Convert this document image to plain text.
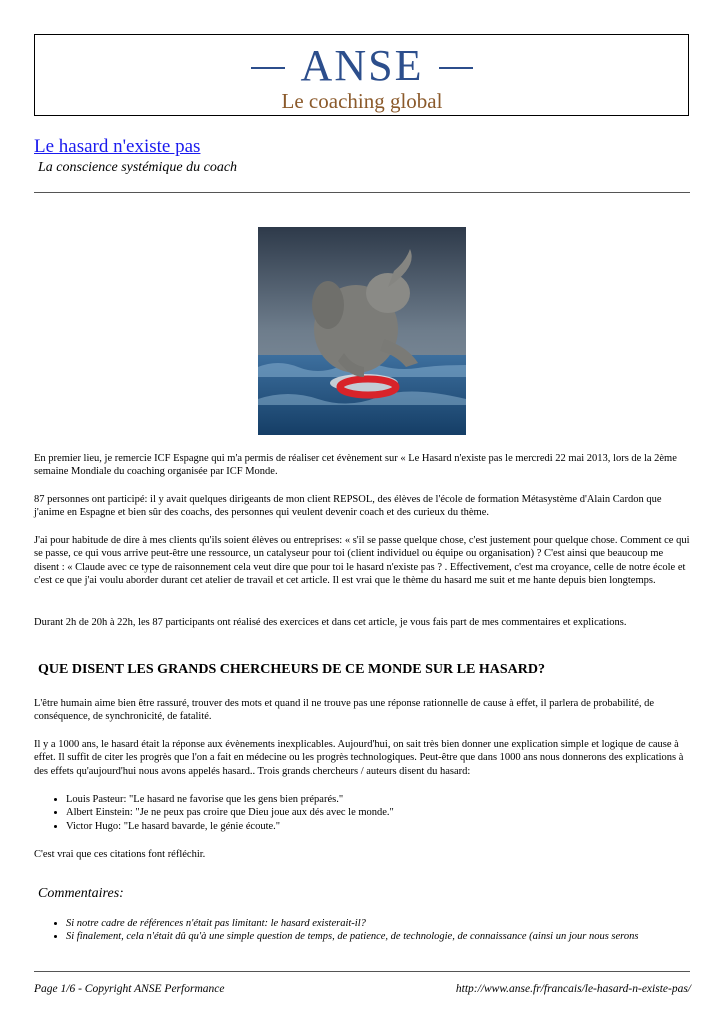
ANSE
Le coaching global
Le hasard n'existe pas
La conscience systémique du coach
En premier lieu, je remercie ICF Espagne qui m'a permis de réaliser cet évènement sur « Le Hasard n'existe pas le mercredi 22 mai 2013, lors de la 2ème semaine Mondiale du coaching organisée par ICF Monde.
87 personnes ont participé: il y avait quelques dirigeants de mon client REPSOL, des élèves de l'école de formation Métasystème d'Alain Cardon que j'anime en Espagne et bien sûr des coachs, des personnes qui veulent devenir coach et des curieux du thème.
J'ai pour habitude de dire à mes clients qu'ils soient élèves ou entreprises: « s'il se passe quelque chose, c'est justement pour quelque chose. Comment ce qui se passe, ce qui vous arrive peut-être une ressource, un catalyseur pour toi (client individuel ou équipe ou organisation) ? C'est ainsi que beaucoup me disent : « Claude avec ce type de raisonnement cela veut dire que pour toi le hasard n'existe pas ? . Effectivement, c'est ma croyance, celle de notre école et c'est ce que j'ai voulu aborder durant cet atelier de travail et cet article. Il est vrai que le thème du hasard me suit et me hante depuis bien longtemps.
Durant 2h de 20h à 22h, les 87 participants ont réalisé des exercices et dans cet article, je vous fais part de mes commentaires et explications.
QUE DISENT LES GRANDS CHERCHEURS DE CE MONDE SUR LE HASARD?
L'être humain aime bien être rassuré, trouver des mots et quand il ne trouve pas une réponse rationnelle de cause à effet, il parlera de probabilité, de conséquence, de synchronicité, de fatalité.
Il y a 1000 ans, le hasard était la réponse aux évènements inexplicables. Aujourd'hui, on sait très bien donner une explication simple et logique de cause à effet. Il suffit de citer les progrès que l'on a fait en médecine ou les progrès technologiques. Peut-être que dans 1000 ans nous donnerons des explications à des effets qu'aujourd'hui nous avons appelés hasard.. Trois grands chercheurs / auteurs disent du hasard:
• Louis Pasteur: "Le hasard ne favorise que les gens bien préparés."
• Albert Einstein: "Je ne peux pas croire que Dieu joue aux dés avec le monde."
• Victor Hugo: "Le hasard bavarde, le génie écoute."
C'est vrai que ces citations font réfléchir.
Commentaires:
• Si notre cadre de références n'était pas limitant: le hasard existerait-il?
• Si finalement, cela n'était dû qu'à une simple question de temps, de patience, de technologie, de connaissance (ainsi un jour nous serons
Page 1/6 - Copyright ANSE Performance	http://www.anse.fr/francais/le-hasard-n-existe-pas/
